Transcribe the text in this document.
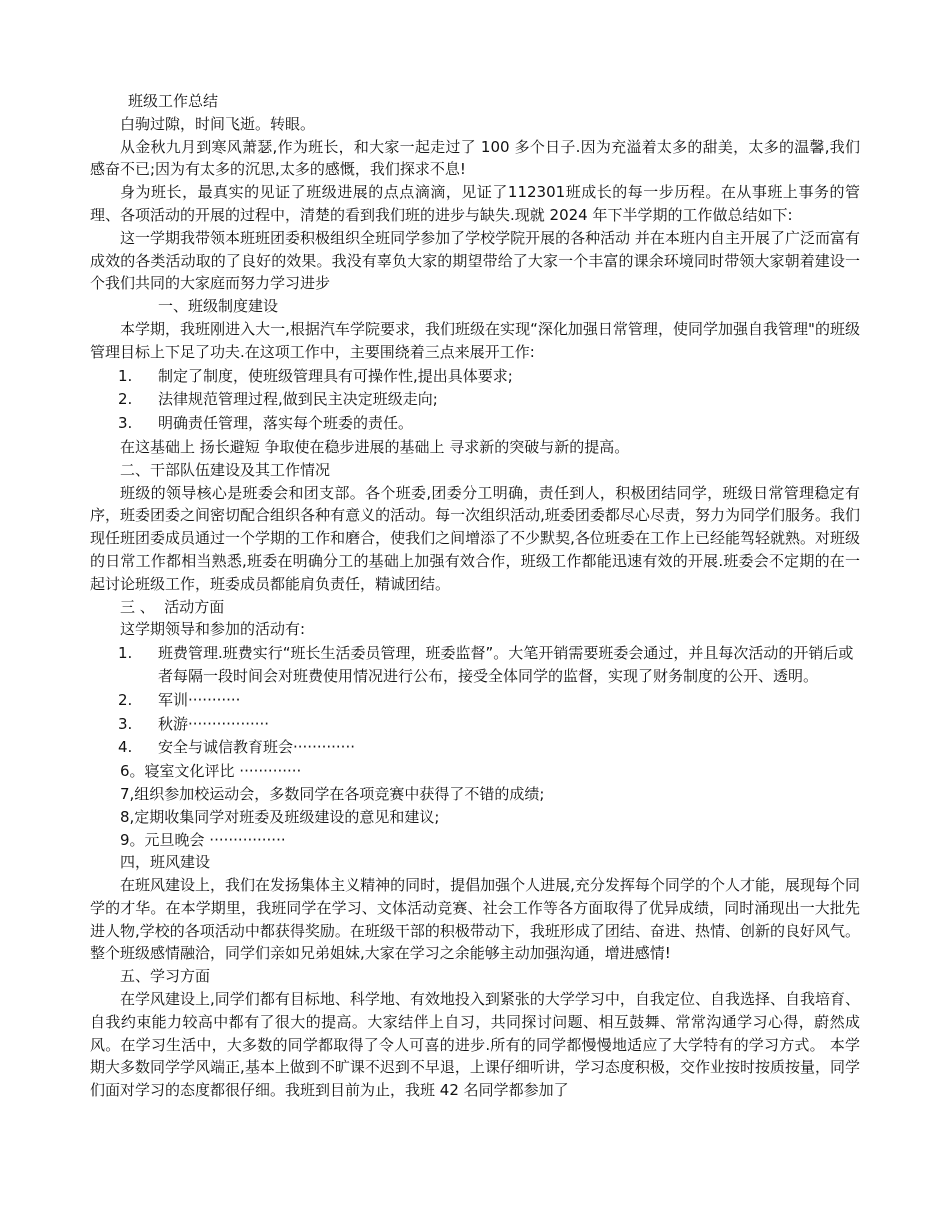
班级工作总结

白驹过隙，时间飞逝。转眼。

从金秋九月到寒风萧瑟,作为班长，和大家一起走过了 100 多个日子.因为充溢着太多的甜美，太多的温馨,我们感奋不已;因为有太多的沉思,太多的感慨，我们探求不息!

身为班长，最真实的见证了班级进展的点点滴滴，见证了112301班成长的每一步历程。在从事班上事务的管理、各项活动的开展的过程中，清楚的看到我们班的进步与缺失.现就 2024 年下半学期的工作做总结如下:

这一学期我带领本班班团委积极组织全班同学参加了学校学院开展的各种活动 并在本班内自主开展了广泛而富有成效的各类活动取的了良好的效果。我没有辜负大家的期望带给了大家一个丰富的课余环境同时带领大家朝着建设一个我们共同的大家庭而努力学习进步

一、班级制度建设

本学期，我班刚进入大一,根据汽车学院要求，我们班级在实现“深化加强日常管理，使同学加强自我管理"的班级管理目标上下足了功夫.在这项工作中，主要围绕着三点来展开工作:

1. 制定了制度，使班级管理具有可操作性,提出具体要求;
2. 法律规范管理过程,做到民主决定班级走向;
3. 明确责任管理，落实每个班委的责任。

在这基础上 扬长避短 争取使在稳步进展的基础上 寻求新的突破与新的提高。

二、干部队伍建设及其工作情况

班级的领导核心是班委会和团支部。各个班委,团委分工明确，责任到人，积极团结同学，班级日常管理稳定有序，班委团委之间密切配合组织各种有意义的活动。每一次组织活动,班委团委都尽心尽责，努力为同学们服务。我们现任班团委成员通过一个学期的工作和磨合，使我们之间增添了不少默契,各位班委在工作上已经能驾轻就熟。对班级的日常工作都相当熟悉,班委在明确分工的基础上加强有效合作，班级工作都能迅速有效的开展.班委会不定期的在一起讨论班级工作，班委成员都能肩负责任，精诚团结。

三 、  活动方面

这学期领导和参加的活动有:

1. 班费管理.班费实行“班长生活委员管理，班委监督”。大笔开销需要班委会通过，并且每次活动的开销后或者每隔一段时间会对班费使用情况进行公布，接受全体同学的监督，实现了财务制度的公开、透明。
2. 军训···········
3. 秋游·················
4. 安全与诚信教育班会·············

6。寝室文化评比 ·············

7,组织参加校运动会，多数同学在各项竞赛中获得了不错的成绩;

8,定期收集同学对班委及班级建设的意见和建议;

9。元旦晚会 ················

四，班风建设

在班风建设上，我们在发扬集体主义精神的同时，提倡加强个人进展,充分发挥每个同学的个人才能，展现每个同学的才华。在本学期里，我班同学在学习、文体活动竞赛、社会工作等各方面取得了优异成绩，同时涌现出一大批先进人物,学校的各项活动中都获得奖励。在班级干部的积极带动下，我班形成了团结、奋进、热情、创新的良好风气。整个班级感情融洽，同学们亲如兄弟姐妹,大家在学习之余能够主动加强沟通，增进感情!

五、学习方面

在学风建设上,同学们都有目标地、科学地、有效地投入到紧张的大学学习中，自我定位、自我选择、自我培育、自我约束能力较高中都有了很大的提高。大家结伴上自习，共同探讨问题、相互鼓舞、常常沟通学习心得，蔚然成风。在学习生活中，大多数的同学都取得了令人可喜的进步.所有的同学都慢慢地适应了大学特有的学习方式。 本学期大多数同学学风端正,基本上做到不旷课不迟到不早退，上课仔细听讲，学习态度积极，交作业按时按质按量，同学们面对学习的态度都很仔细。我班到目前为止，我班 42 名同学都参加了
